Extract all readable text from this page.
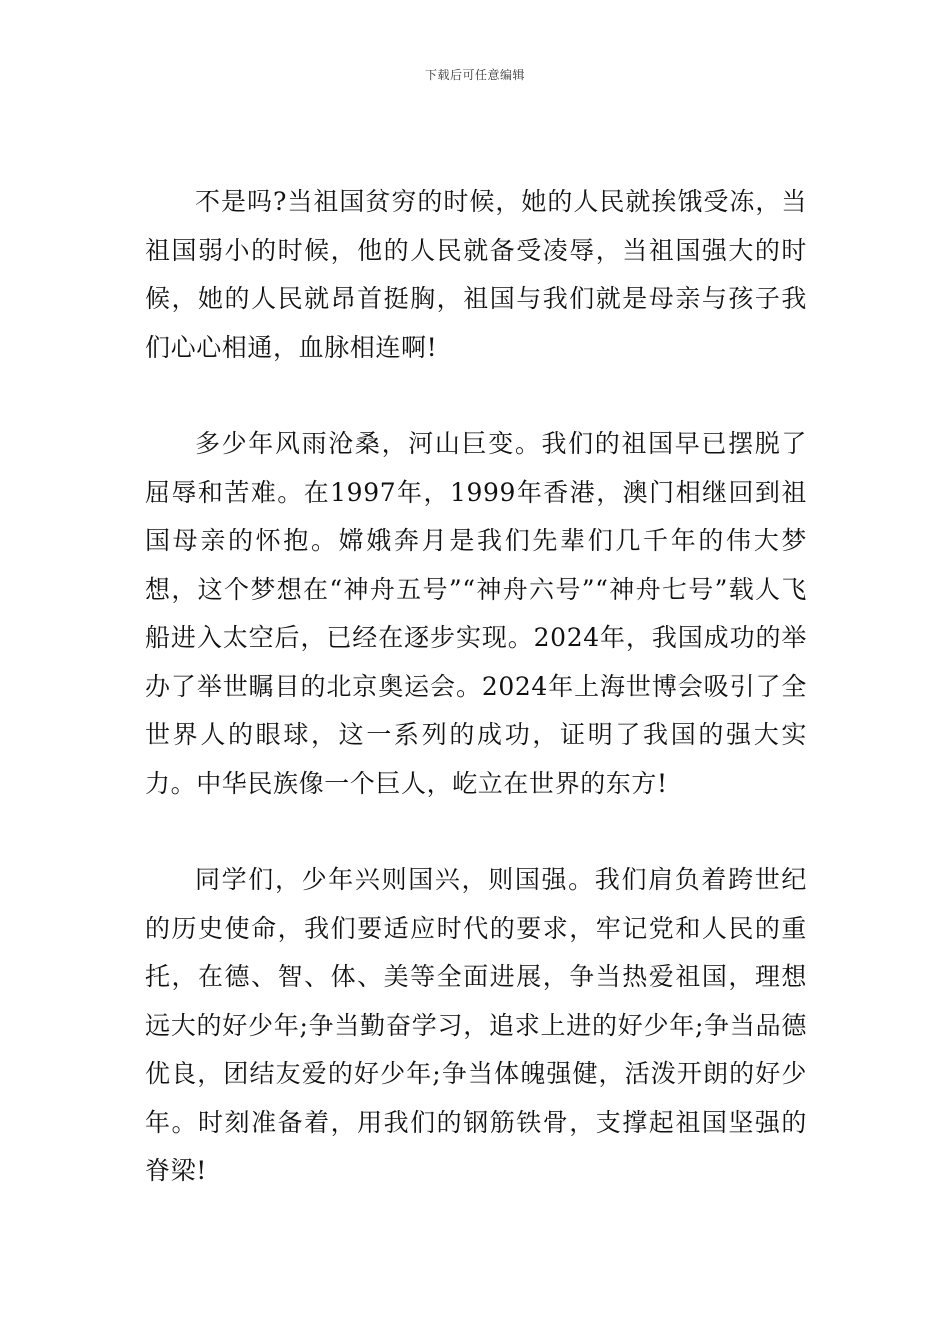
下载后可任意编辑

不是吗?当祖国贫穷的时候，她的人民就挨饿受冻，当祖国弱小的时候，他的人民就备受凌辱，当祖国强大的时候，她的人民就昂首挺胸，祖国与我们就是母亲与孩子我们心心相通，血脉相连啊!

多少年风雨沧桑，河山巨变。我们的祖国早已摆脱了屈辱和苦难。在1997年，1999年香港，澳门相继回到祖国母亲的怀抱。嫦娥奔月是我们先辈们几千年的伟大梦想，这个梦想在“神舟五号”“神舟六号”“神舟七号”载人飞船进入太空后，已经在逐步实现。2024年，我国成功的举办了举世瞩目的北京奥运会。2024年上海世博会吸引了全世界人的眼球，这一系列的成功，证明了我国的强大实力。中华民族像一个巨人，屹立在世界的东方!

同学们，少年兴则国兴，则国强。我们肩负着跨世纪的历史使命，我们要适应时代的要求，牢记党和人民的重托，在德、智、体、美等全面进展，争当热爱祖国，理想远大的好少年;争当勤奋学习，追求上进的好少年;争当品德优良，团结友爱的好少年;争当体魄强健，活泼开朗的好少年。时刻准备着，用我们的钢筋铁骨，支撑起祖国坚强的脊梁!
